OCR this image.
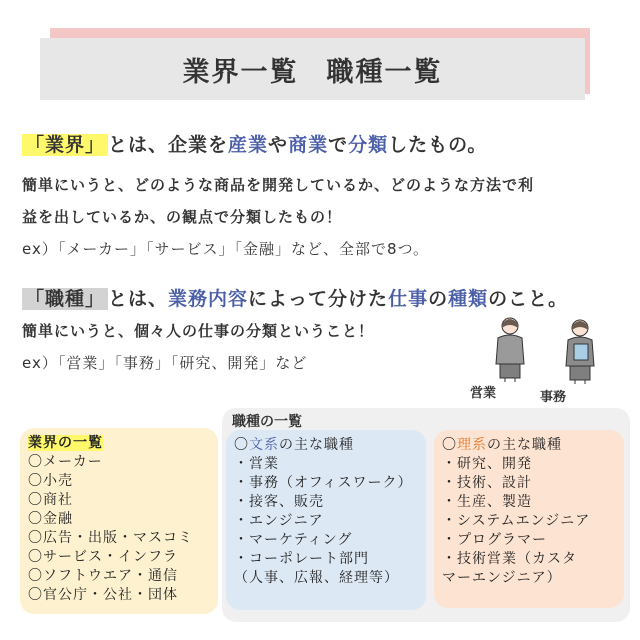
業界一覧 職種一覧
「業界」 とは、企業を産業や商業で分類したもの。
簡単にいうと、どのような商品を開発しているか、どのような方法で利
益を出しているか、の観点で分類したもの！
ex）「メーカー」「サービス」「金融」など、全部で8つ。
「職種」 とは、業務内容によって分けた仕事の種類のこと。
簡単にいうと、個々人の仕事の分類ということ！
ex）「営業」「事務」「研究、開発」など
営業	事務
業界の一覧
〇メーカー
〇小売
〇商社
〇金融
〇広告・出版・マスコミ
〇サービス・インフラ
〇ソフトウエア・通信
〇官公庁・公社・団体
職種の一覧
〇文系の主な職種
・営業
・事務（オフィスワーク）
・接客、販売
・エンジニア
・マーケティング
・コーポレート部門
（人事、広報、経理等）
〇理系の主な職種
・研究、開発
・技術、設計
・生産、製造
・システムエンジニア
・プログラマー
・技術営業（カスタ
マーエンジニア）
